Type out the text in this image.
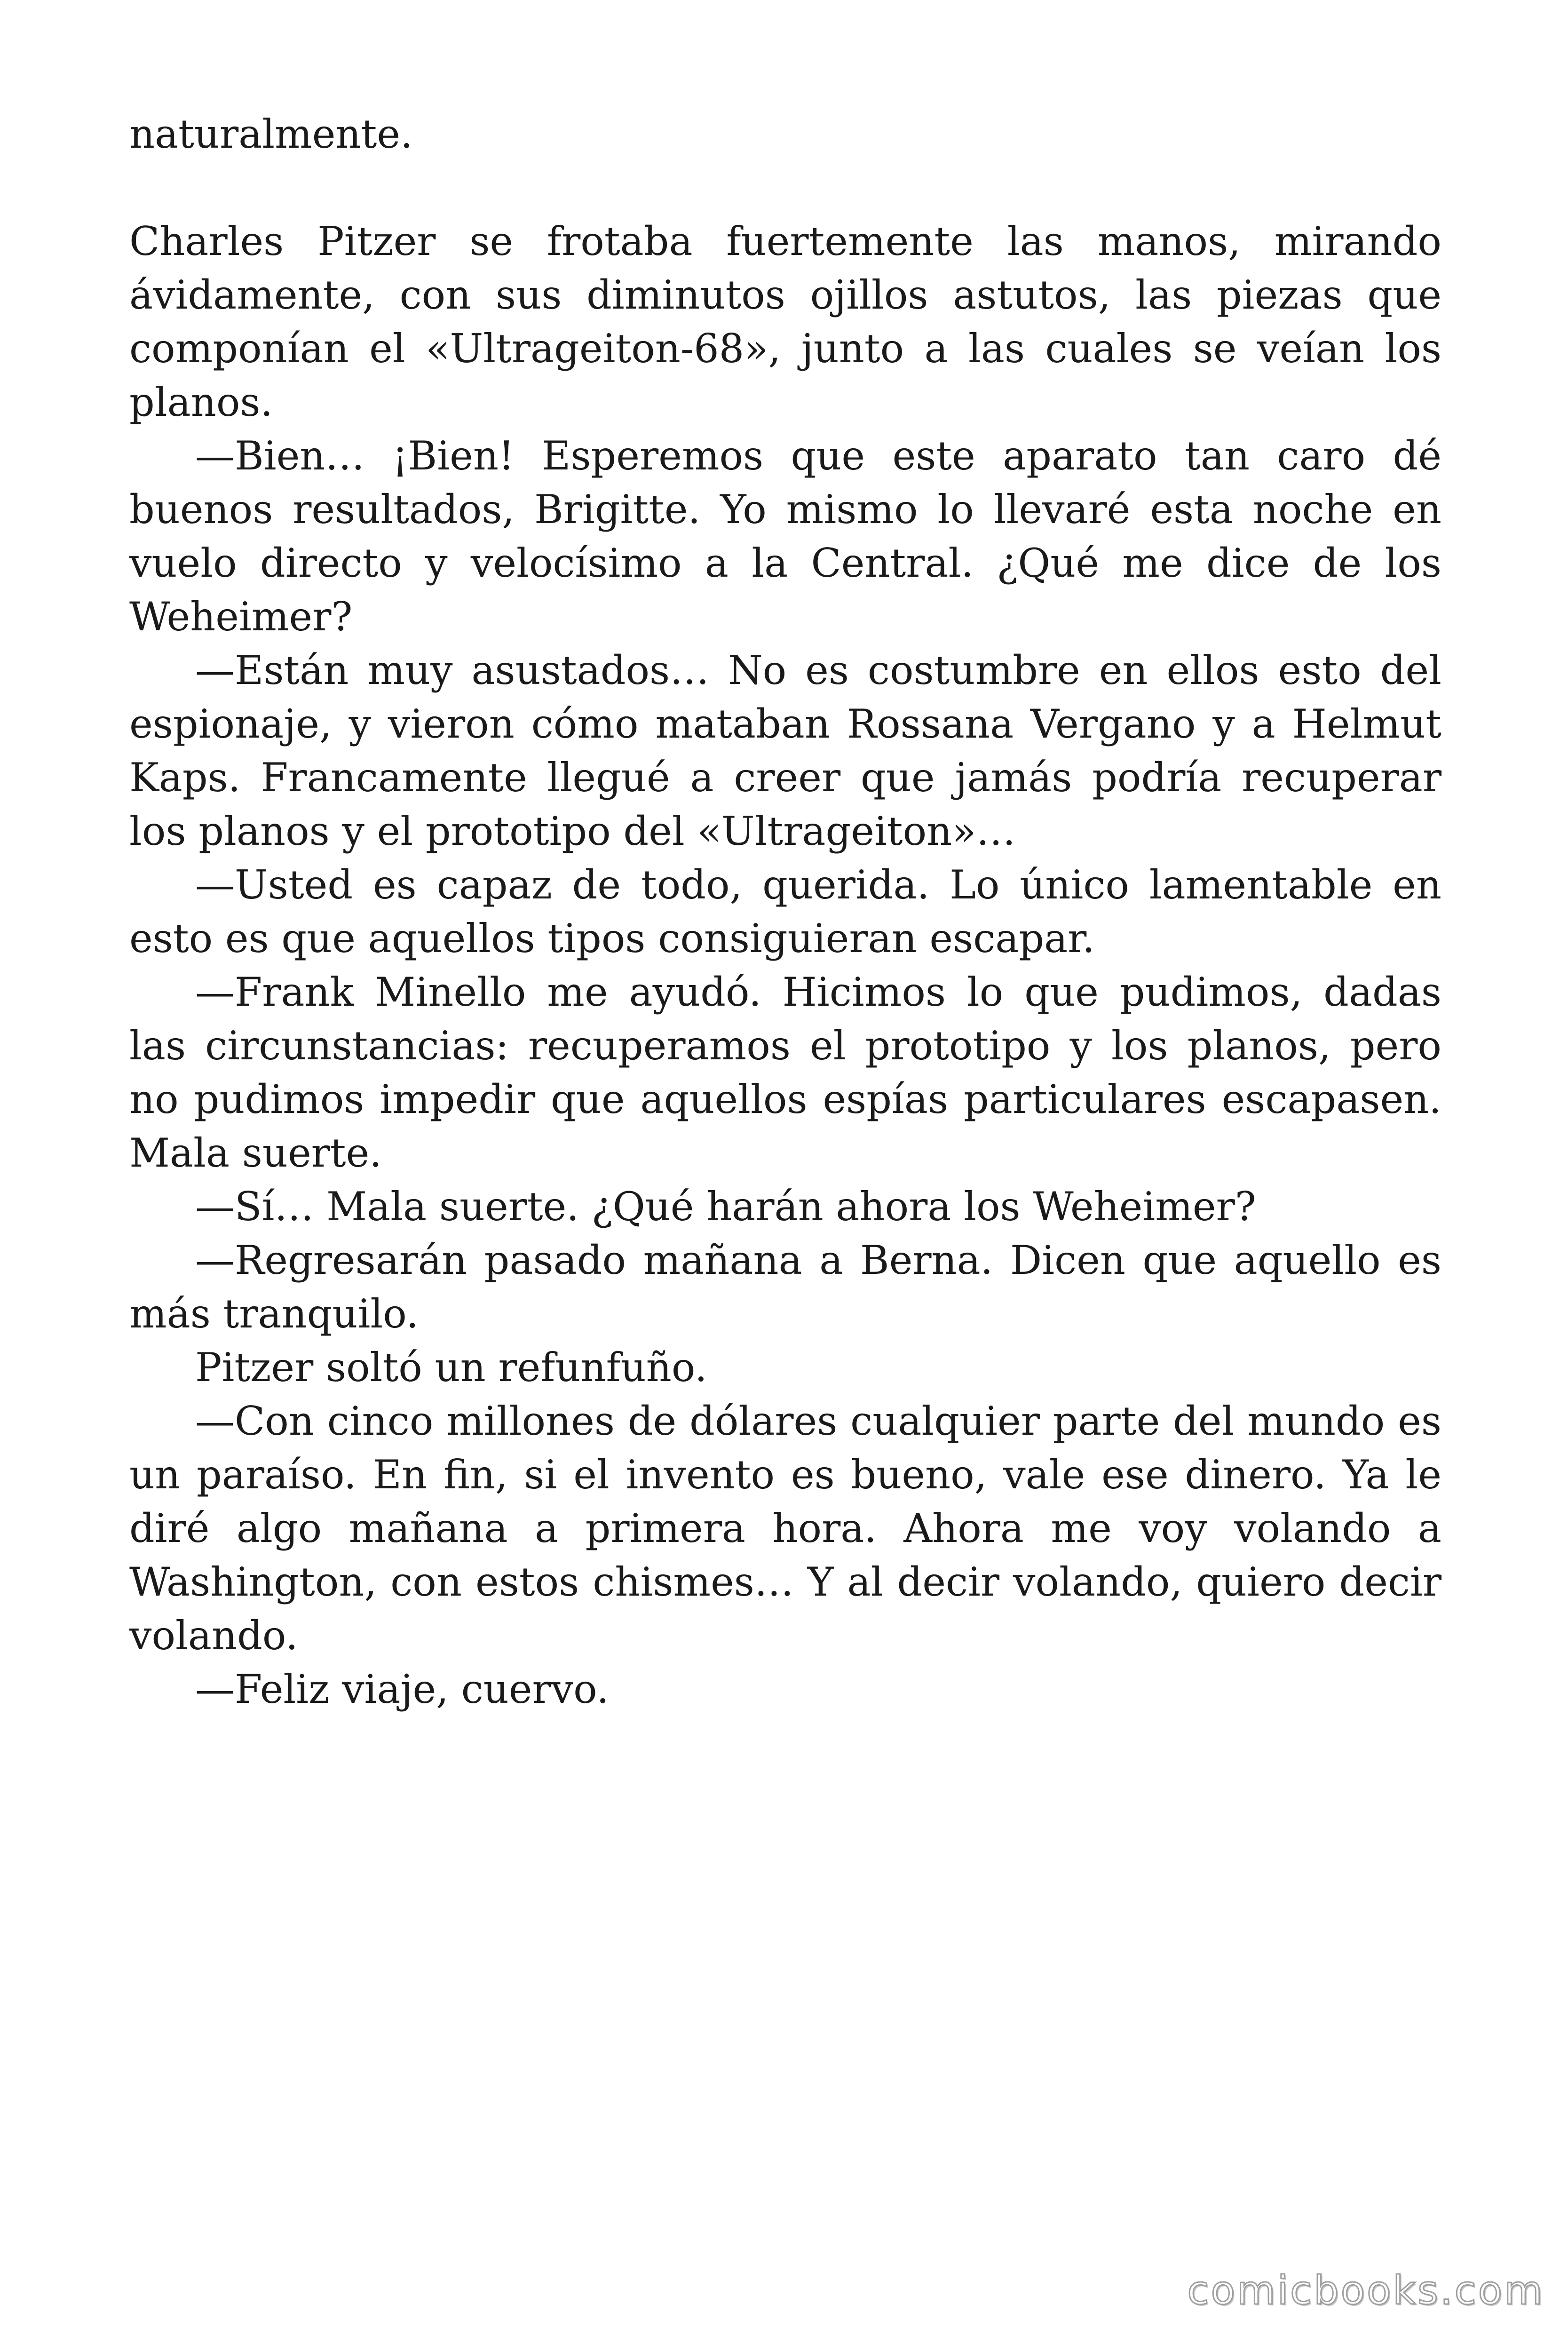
naturalmente.

Charles Pitzer se frotaba fuertemente las manos, mirando ávidamente, con sus diminutos ojillos astutos, las piezas que componían el «Ultrageiton-68», junto a las cuales se veían los planos.

—Bien… ¡Bien! Esperemos que este aparato tan caro dé buenos resultados, Brigitte. Yo mismo lo llevaré esta noche en vuelo directo y velocísimo a la Central. ¿Qué me dice de los Weheimer?

—Están muy asustados… No es costumbre en ellos esto del espionaje, y vieron cómo mataban Rossana Vergano y a Helmut Kaps. Francamente llegué a creer que jamás podría recuperar los planos y el prototipo del «Ultrageiton»…

—Usted es capaz de todo, querida. Lo único lamentable en esto es que aquellos tipos consiguieran escapar.

—Frank Minello me ayudó. Hicimos lo que pudimos, dadas las circunstancias: recuperamos el prototipo y los planos, pero no pudimos impedir que aquellos espías particulares escapasen. Mala suerte.

—Sí… Mala suerte. ¿Qué harán ahora los Weheimer?

—Regresarán pasado mañana a Berna. Dicen que aquello es más tranquilo.

Pitzer soltó un refunfuño.

—Con cinco millones de dólares cualquier parte del mundo es un paraíso. En fin, si el invento es bueno, vale ese dinero. Ya le diré algo mañana a primera hora. Ahora me voy volando a Washington, con estos chismes… Y al decir volando, quiero decir volando.

—Feliz viaje, cuervo.

comicbooks.com
